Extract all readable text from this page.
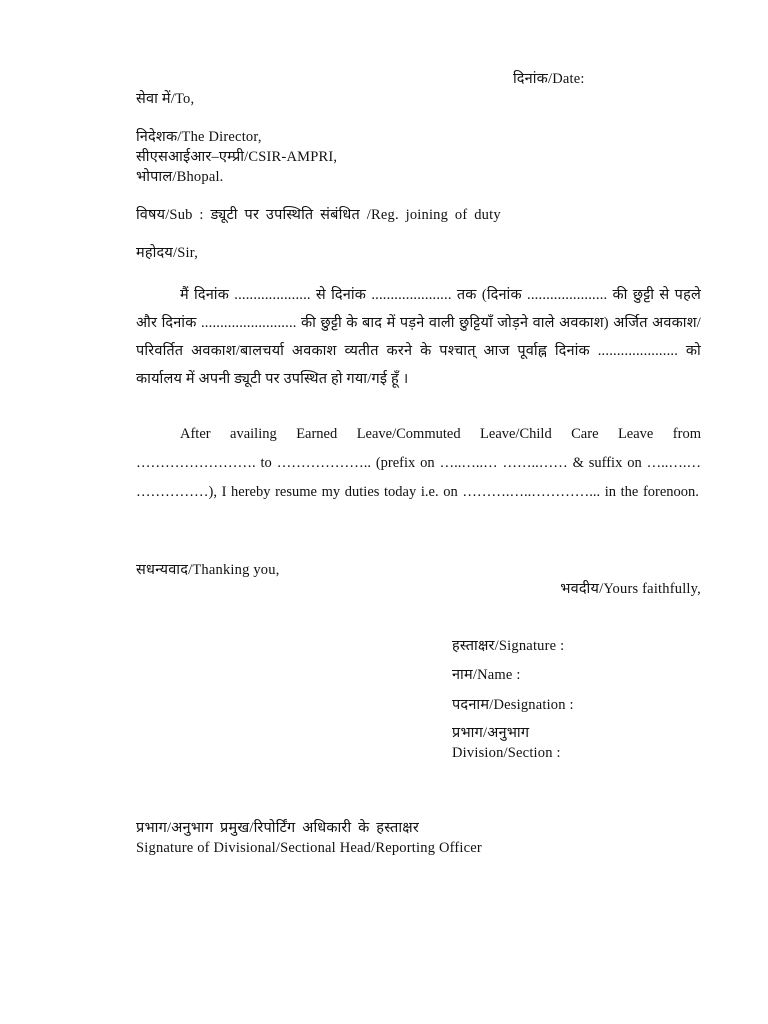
दिनांक/Date:
सेवा में/To,
निदेशक/The Director,
सीएसआईआर–एम्प्री/CSIR-AMPRI,
भोपाल/Bhopal.
विषय/Sub : ड्यूटी पर उपस्थिति संबंधित /Reg. joining of duty
महोदय/Sir,

मैं दिनांक .................... से दिनांक ..................... तक (दिनांक ..................... की छुट्टी से पहले और दिनांक ......................... की छुट्टी के बाद में पड़ने वाली छुट्टियाँ जोड़ने वाले अवकाश) अर्जित अवकाश/परिवर्तित अवकाश/बालचर्या अवकाश व्यतीत करने के पश्चात् आज पूर्वाह्न दिनांक ..................... को कार्यालय में अपनी ड्यूटी पर उपस्थित हो गया/गई हूँ ।

After availing Earned Leave/Commuted Leave/Child Care Leave from ……………………. to ……………….. (prefix on …..…..… ……..…… & suffix on …..….… ……………), I hereby resume my duties today i.e. on ……….…..…………... in the forenoon.

सधन्यवाद/Thanking you,
भवदीय/Yours faithfully,
हस्ताक्षर/Signature :
नाम/Name :
पदनाम/Designation :
प्रभाग/अनुभाग
Division/Section :
प्रभाग/अनुभाग प्रमुख/रिपोर्टिंग अधिकारी के हस्ताक्षर
Signature of Divisional/Sectional Head/Reporting Officer
